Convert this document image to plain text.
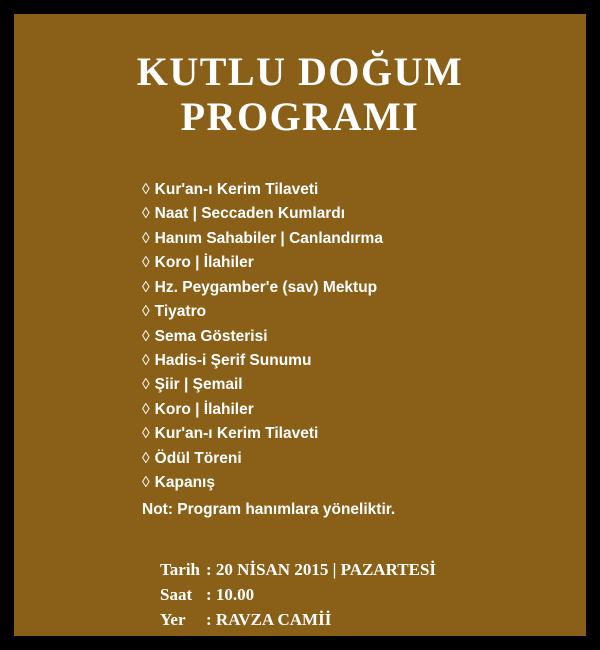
KUTLU DOĞUM
PROGRAMI
◊ Kur'an-ı Kerim Tilaveti
◊ Naat | Seccaden Kumlardı
◊ Hanım Sahabiler | Canlandırma
◊ Koro | İlahiler
◊ Hz. Peygamber'e (sav) Mektup
◊ Tiyatro
◊ Sema Gösterisi
◊ Hadis-i Şerif Sunumu
◊ Şiir | Şemail
◊ Koro | İlahiler
◊ Kur'an-ı Kerim Tilaveti
◊ Ödül Töreni
◊ Kapanış
Not: Program hanımlara yöneliktir.
Tarih : 20 NİSAN 2015 | PAZARTESİ
Saat : 10.00
Yer : RAVZA CAMİİ
